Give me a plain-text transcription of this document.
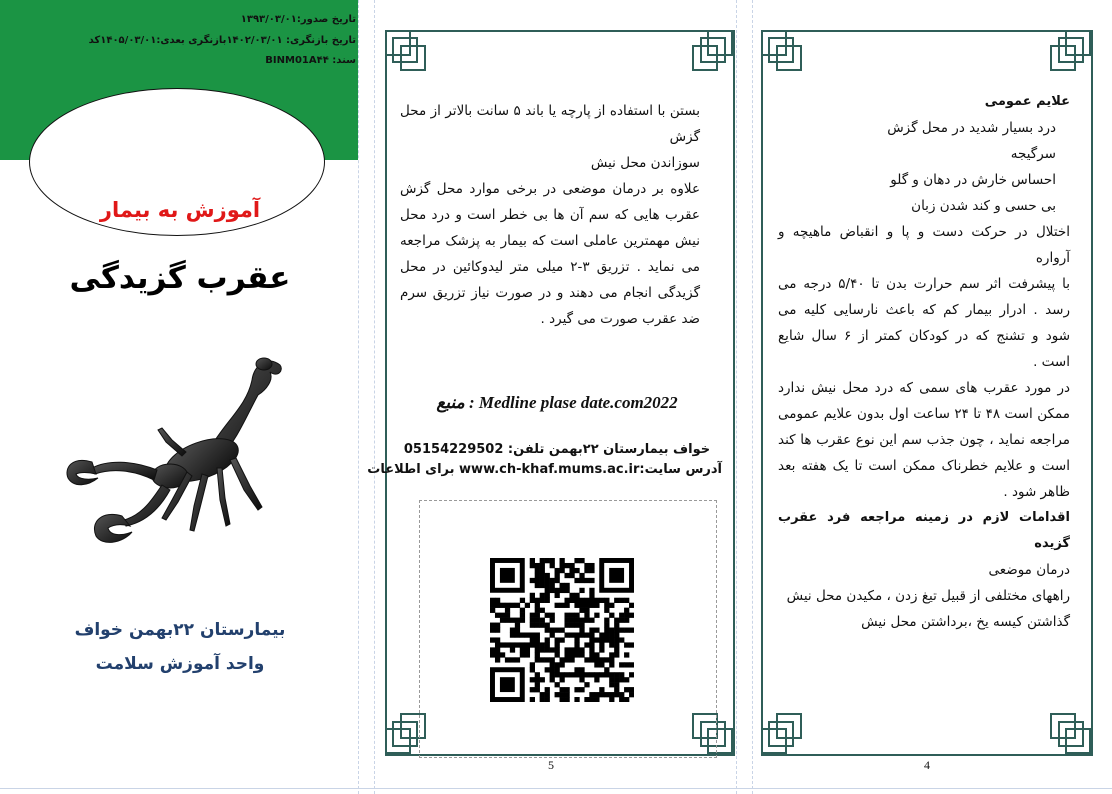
تاریخ صدور:۱۳۹۳/۰۳/۰۱
تاریخ بازنگری: ۱۴۰۲/۰۳/۰۱بازنگری بعدی:۱۴۰۵/۰۳/۰۱کد
سند: BINM01A۴۴
آموزش به بیمار
عقرب گزیدگی
بیمارستان ۲۲بهمن خواف
واحد آموزش سلامت

بستن با استفاده از پارچه یا باند ۵ سانت بالاتر از محل گزش

سوزاندن محل نیش

علاوه بر درمان موضعی در برخی موارد محل گزش عقرب هایی که سم آن ها بی خطر است و درد محل نیش مهمترین عاملی است که بیمار به پزشک مراجعه می نماید . تزریق ۳-۲ میلی متر لیدوکائین در محل گزیدگی انجام می دهند و در صورت نیاز تزریق سرم ضد عقرب صورت می گیرد .

منبع : Medline plase date.com2022
خواف بیمارستان ۲۲بهمن تلفن: 05154229502
آدرس سایت:www.ch-khaf.mums.ac.ir برای اطلاعات
5

علایم عمومی

درد بسیار شدید در محل گزش

سرگیجه

احساس خارش در دهان و گلو

بی حسی و کند شدن زبان

اختلال در حرکت دست و پا و انقباض ماهیچه و آرواره

با پیشرفت اثر سم حرارت بدن تا ۵/۴۰ درجه می رسد . ادرار بیمار کم که باعث نارسایی کلیه می شود و تشنج که در کودکان کمتر از ۶ سال شایع است .

در مورد عقرب های سمی که درد محل نیش ندارد ممکن است ۴۸ تا ۲۴ ساعت اول بدون علایم عمومی مراجعه نماید ، چون جذب سم این نوع عقرب ها کند است و علایم خطرناک ممکن است تا یک هفته بعد ظاهر شود .

اقدامات لازم در زمینه مراجعه فرد عقرب گزیده

درمان موضعی

راههای مختلفی از قبیل تیغ زدن ، مکیدن محل نیش

گذاشتن کیسه یخ ،برداشتن محل نیش

4
